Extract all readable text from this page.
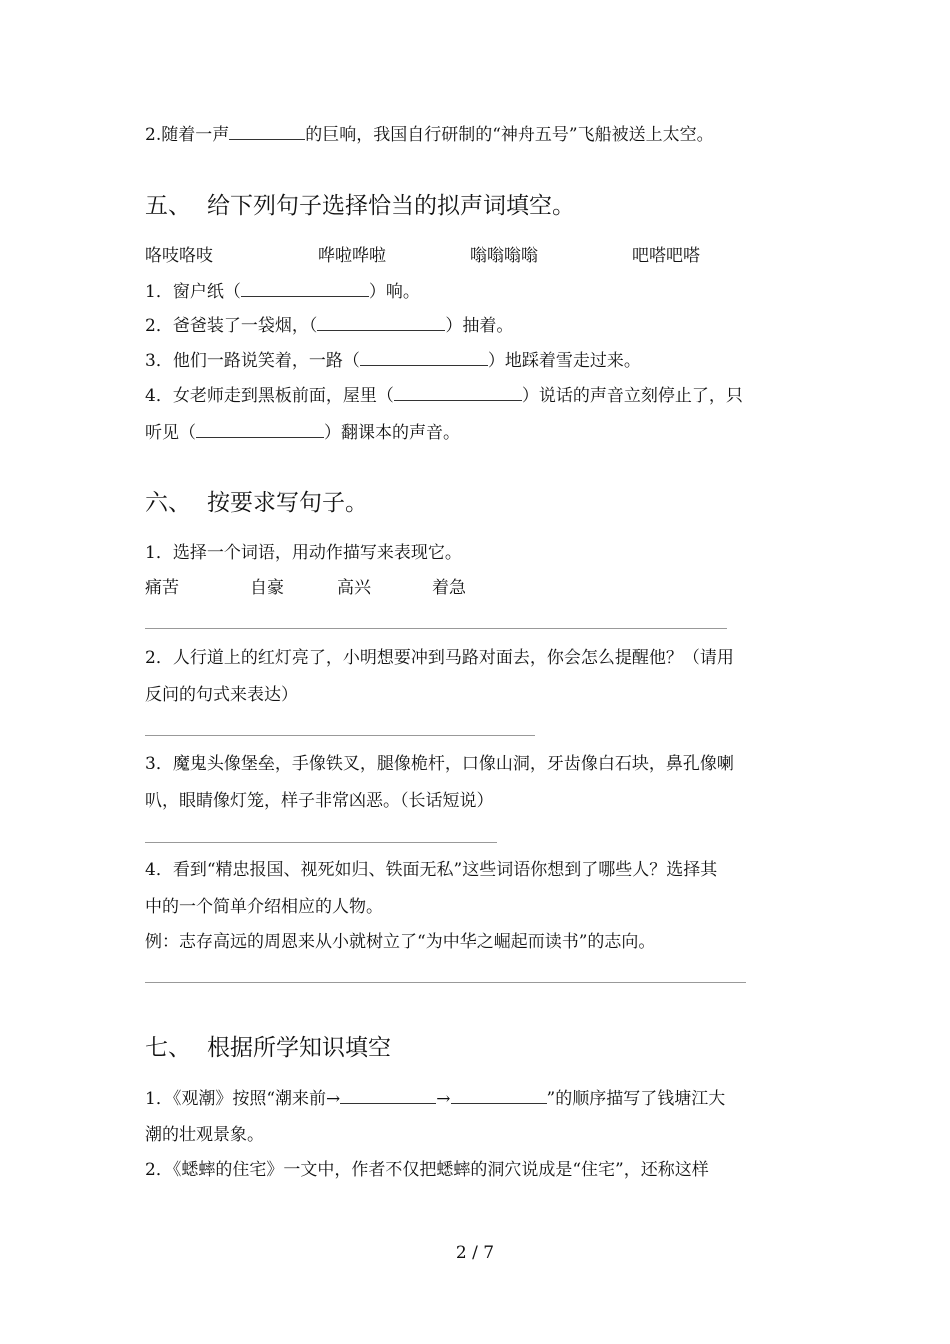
2.随着一声	的巨响，我国自行研制的“神舟五号”飞船被送上太空。
五、 给下列句子选择恰当的拟声词填空。
咯吱咯吱	哗啦哗啦	嗡嗡嗡嗡	吧嗒吧嗒
1．窗户纸（	）响。
2．爸爸装了一袋烟，（	）抽着。
3．他们一路说笑着，一路（	）地踩着雪走过来。
4．女老师走到黑板前面，屋里（	）说话的声音立刻停止了，只
听见（	）翻课本的声音。
六、 按要求写句子。
1．选择一个词语，用动作描写来表现它。
痛苦	自豪	高兴	着急
2．人行道上的红灯亮了，小明想要冲到马路对面去，你会怎么提醒他？（请用
反问的句式来表达）
3．魔鬼头像堡垒，手像铁叉，腿像桅杆，口像山洞，牙齿像白石块，鼻孔像喇
叭，眼睛像灯笼，样子非常凶恶。（长话短说）
4．看到“精忠报国、视死如归、铁面无私”这些词语你想到了哪些人？选择其
中的一个简单介绍相应的人物。
例：志存高远的周恩来从小就树立了“为中华之崛起而读书”的志向。
七、 根据所学知识填空
1．《观潮》按照“潮来前→	→	”的顺序描写了钱塘江大
潮的壮观景象。
2．《蟋蟀的住宅》一文中，作者不仅把蟋蟀的洞穴说成是“住宅”，还称这样
2 / 7
